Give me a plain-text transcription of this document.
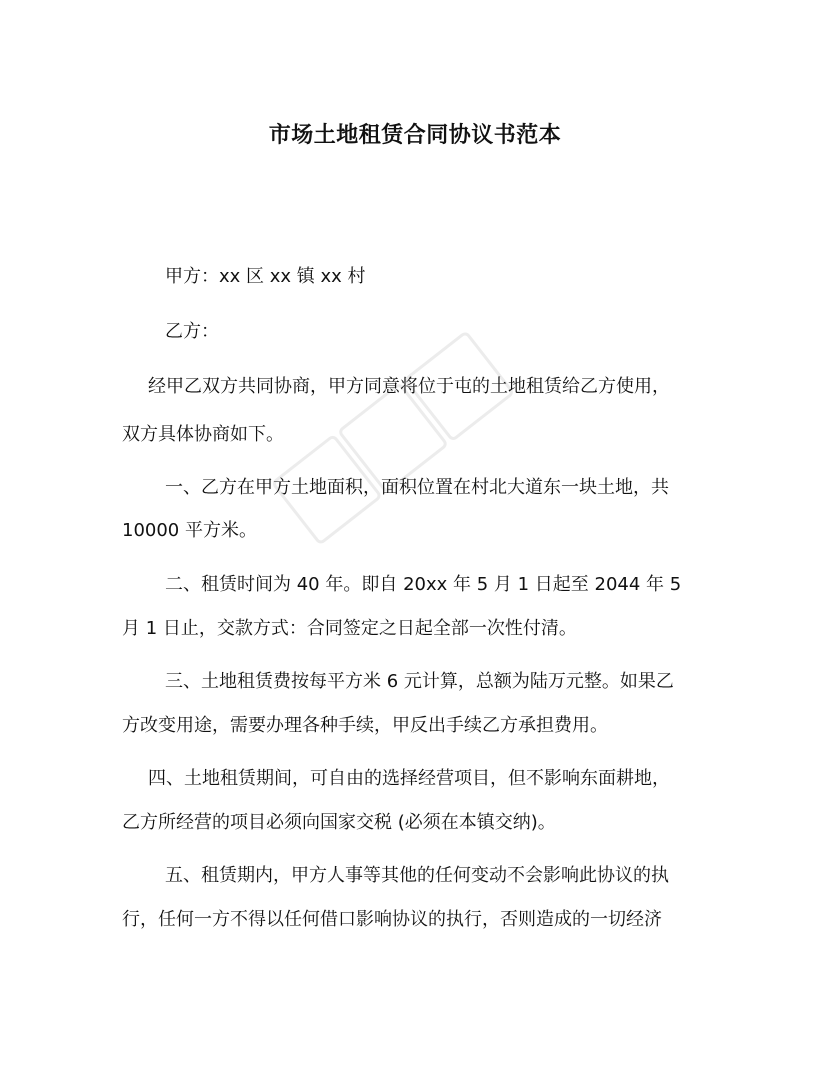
市场土地租赁合同协议书范本
甲方：xx 区 xx 镇 xx 村
乙方：
经甲乙双方共同协商，甲方同意将位于屯的土地租赁给乙方使用，
双方具体协商如下。
一、乙方在甲方土地面积，面积位置在村北大道东一块土地，共
10000 平方米。
二、租赁时间为 40 年。即自 20xx 年 5 月 1 日起至 2044 年 5
月 1 日止，交款方式：合同签定之日起全部一次性付清。
三、土地租赁费按每平方米 6 元计算，总额为陆万元整。如果乙
方改变用途，需要办理各种手续，甲反出手续乙方承担费用。
四、土地租赁期间，可自由的选择经营项目，但不影响东面耕地，
乙方所经营的项目必须向国家交税 (必须在本镇交纳)。
五、租赁期内，甲方人事等其他的任何变动不会影响此协议的执
行，任何一方不得以任何借口影响协议的执行，否则造成的一切经济
